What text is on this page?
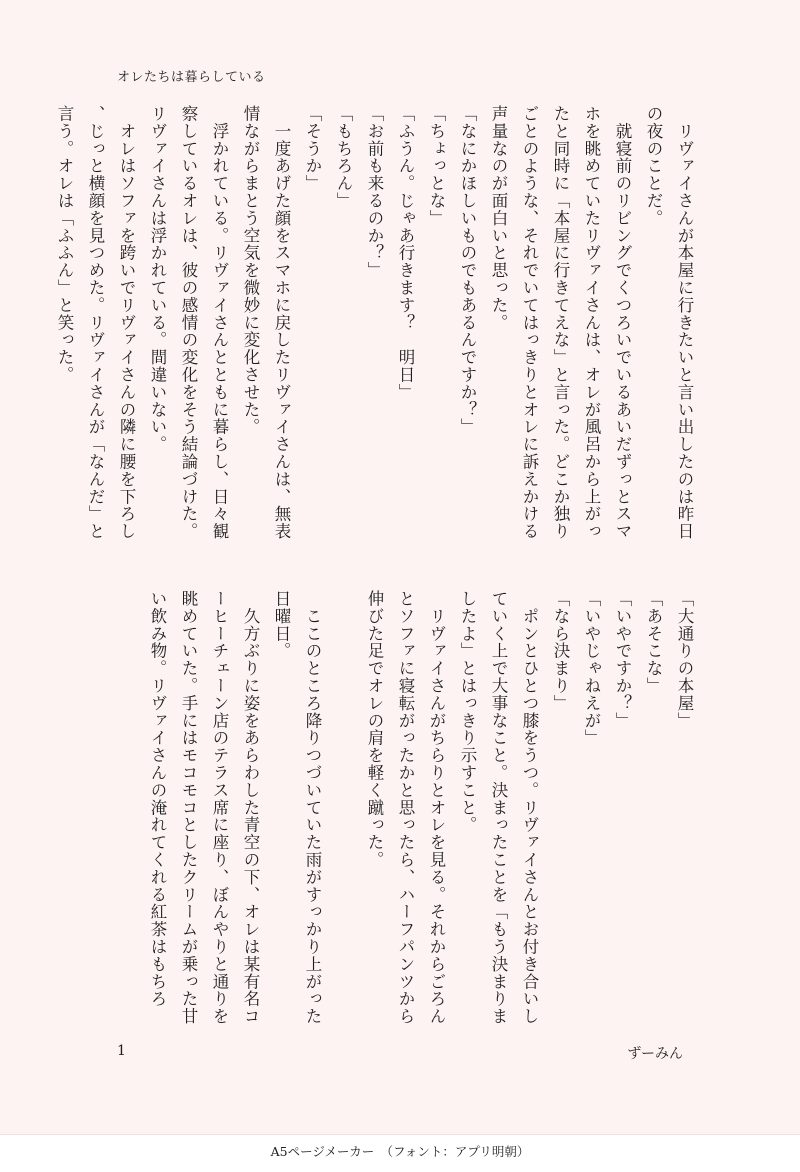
オレたちは暮らしている

　リヴァイさんが本屋に行きたいと言い出したのは昨日の夜のことだ。

　就寝前のリビングでくつろいでいるあいだずっとスマホを眺めていたリヴァイさんは、オレが風呂から上がったと同時に「本屋に行きてえな」と言った。どこか独りごとのような、それでいてはっきりとオレに訴えかける声量なのが面白いと思った。

「なにかほしいものでもあるんですか？」

「ちょっとな」

「ふうん。じゃあ行きます？　明日」

「お前も来るのか？」

「もちろん」

「そうか」

　一度あげた顔をスマホに戻したリヴァイさんは、無表情ながらまとう空気を微妙に変化させた。

　浮かれている。リヴァイさんとともに暮らし、日々観察しているオレは、彼の感情の変化をそう結論づけた。リヴァイさんは浮かれている。間違いない。

　オレはソファを跨いでリヴァイさんの隣に腰を下ろし、じっと横顔を見つめた。リヴァイさんが「なんだ」と言う。オレは「ふふん」と笑った。

「大通りの本屋」

「あそこな」

「いやですか？」

「いやじゃねえが」

「なら決まり」

　ポンとひとつ膝をうつ。リヴァイさんとお付き合いしていく上で大事なこと。決まったことを「もう決まりましたよ」とはっきり示すこと。

　リヴァイさんがちらりとオレを見る。それからごろんとソファに寝転がったかと思ったら、ハーフパンツから伸びた足でオレの肩を軽く蹴った。

　ここのところ降りつづいていた雨がすっかり上がった日曜日。

　久方ぶりに姿をあらわした青空の下、オレは某有名コーヒーチェーン店のテラス席に座り、ぼんやりと通りを眺めていた。手にはモコモコとしたクリームが乗った甘い飲み物。リヴァイさんの淹れてくれる紅茶はもちろ

1	ずーみん
A5ページメーカー　（フォント：アプリ明朝）
